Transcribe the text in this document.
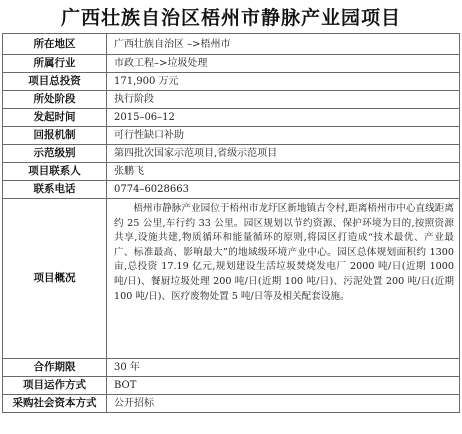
广西壮族自治区梧州市静脉产业园项目
所在地区	广西壮族自治区 –>梧州市
所属行业	市政工程–>垃圾处理
项目总投资	171,900 万元
所处阶段	执行阶段
发起时间	2015–06–12
回报机制	可行性缺口补助
示范级别	第四批次国家示范项目,省级示范项目
项目联系人	张鹏飞
联系电话	0774–6028663
项目概况	梧州市静脉产业园位于梧州市龙圩区新地镇古令村,距离梧州市中心直线距离约 25 公里,车行约 33 公里。园区规划以节约资源、保护环境为目的,按照资源共享,设施共建,物质循环和能量循环的原则,将园区打造成“技术最优、产业最广、标准最高、影响最大”的地域级环境产业中心。园区总体规划面积约 1300 亩,总投资 17.19 亿元,规划建设生活垃圾焚烧发电厂 2000 吨/日(近期 1000 吨/日)、餐厨垃圾处理 200 吨/日(近期 100 吨/日)、污泥处置 200 吨/日(近期 100 吨/日)、医疗废物处置 5 吨/日等及相关配套设施。
合作期限	30 年
项目运作方式	BOT
采购社会资本方式	公开招标
